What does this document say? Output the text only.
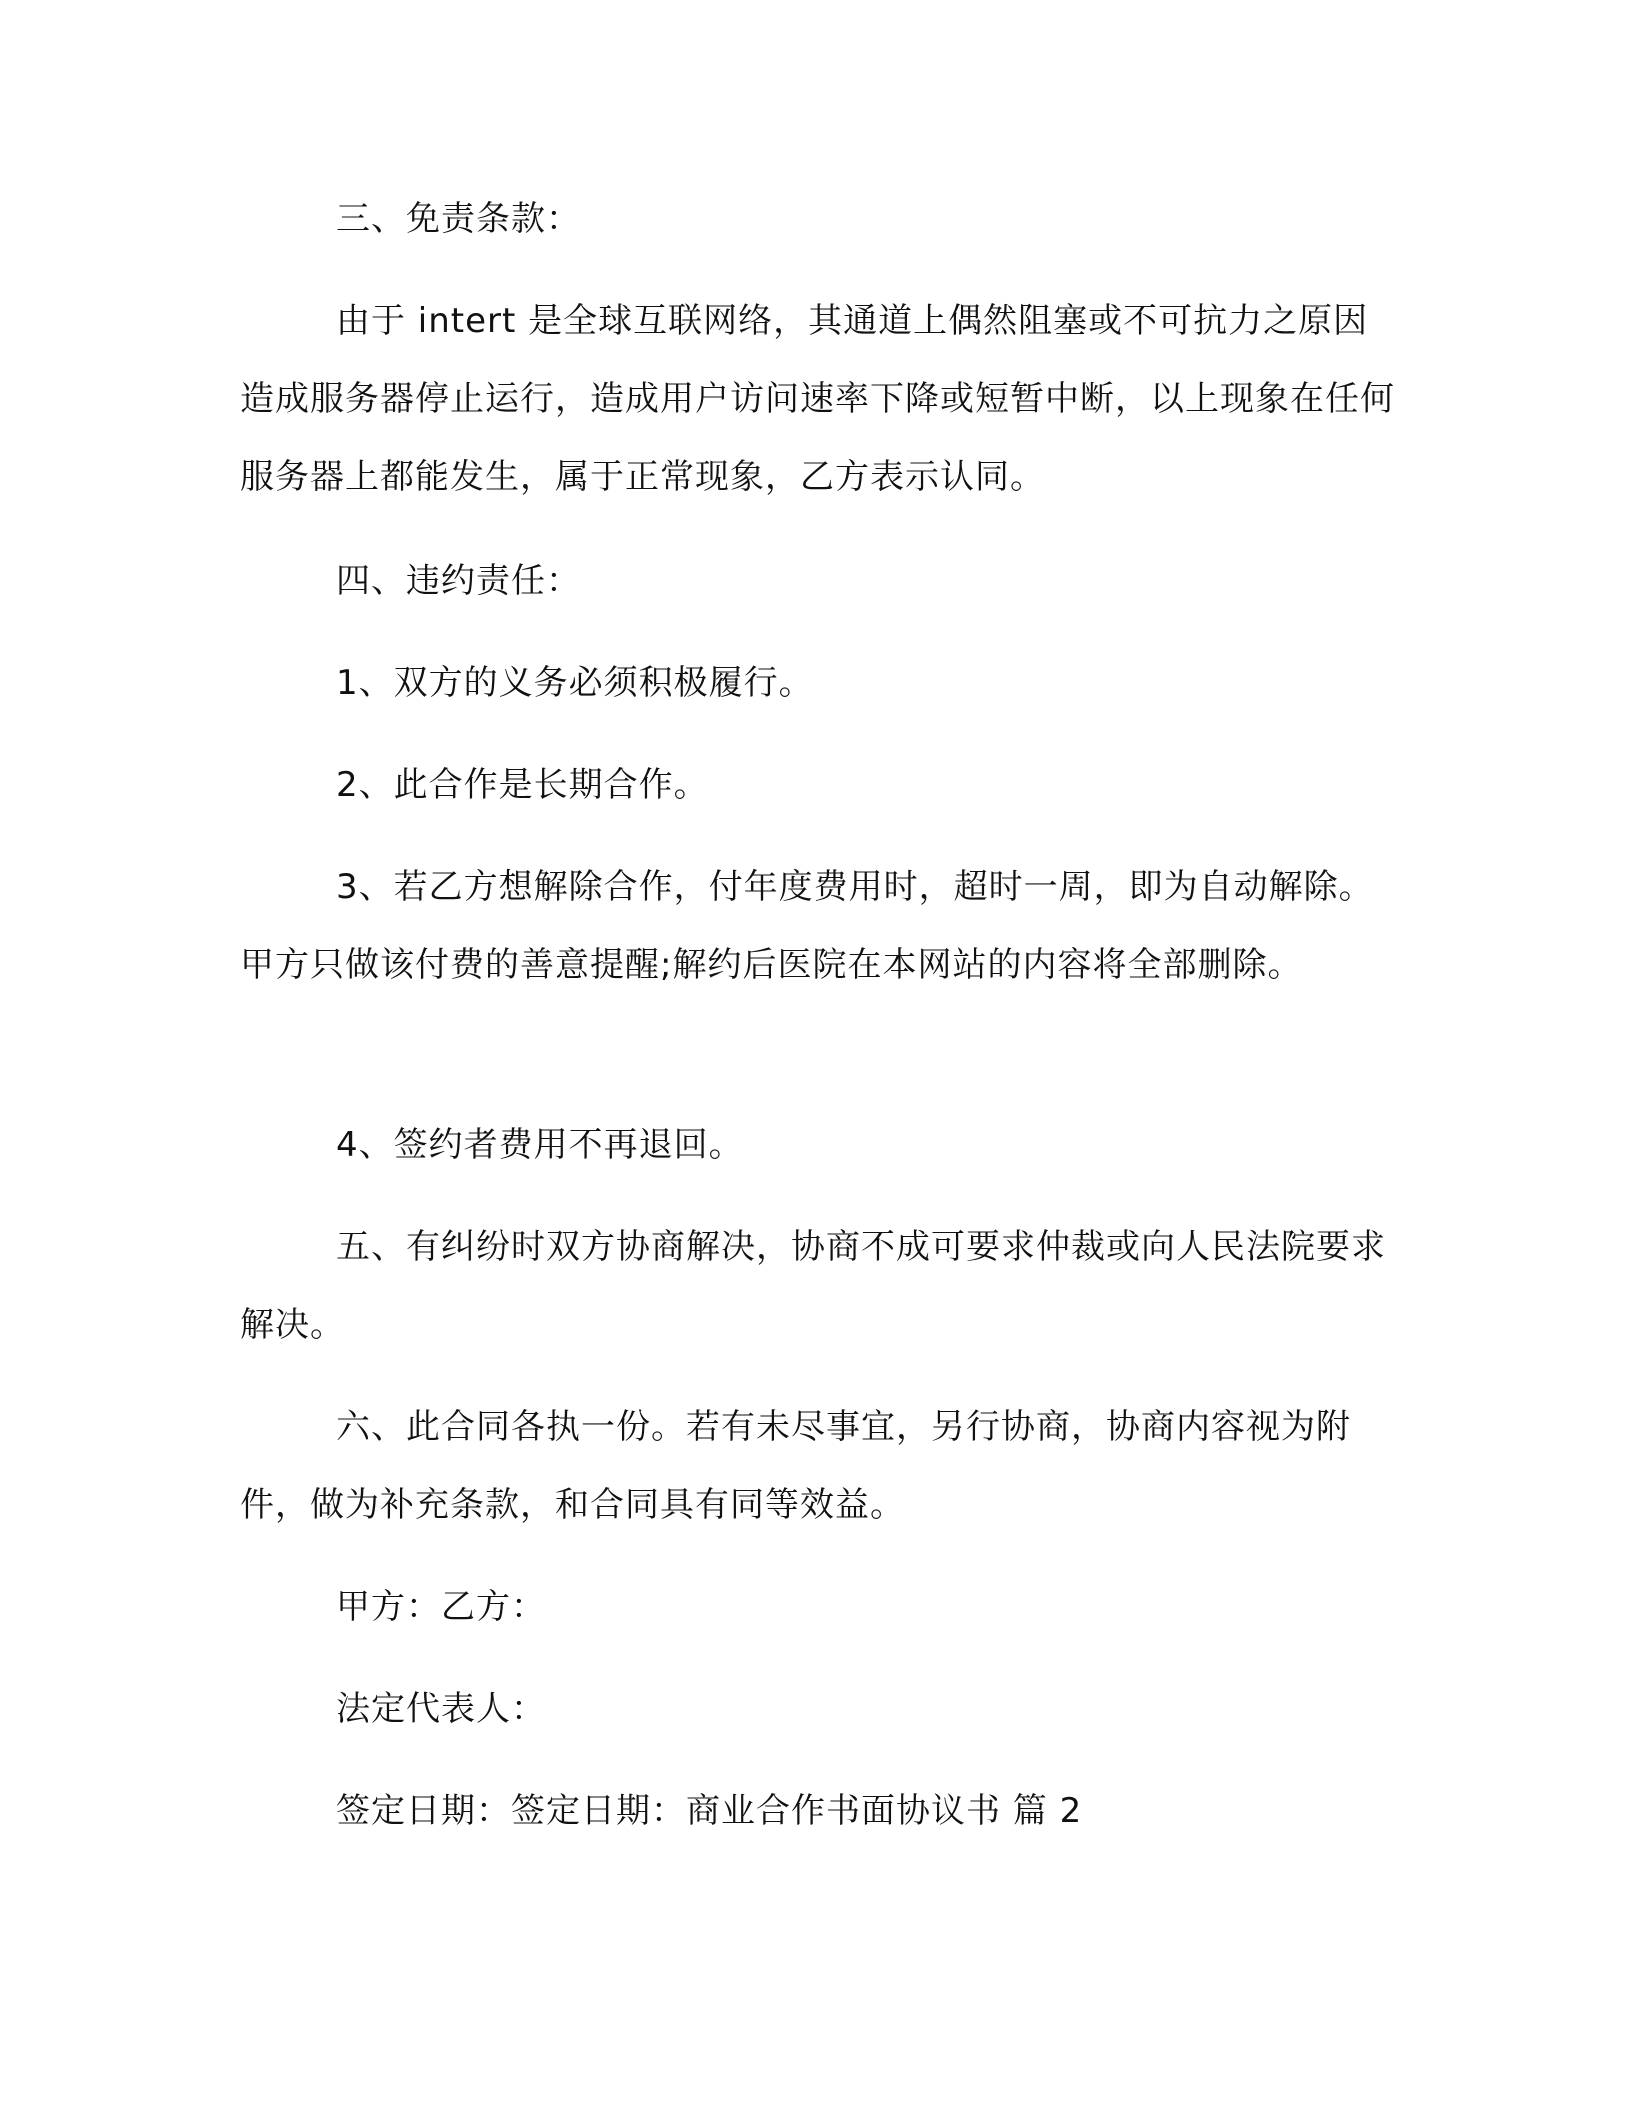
三、免责条款：

由于 intert 是全球互联网络，其通道上偶然阻塞或不可抗力之原因造成服务器停止运行，造成用户访问速率下降或短暂中断，以上现象在任何服务器上都能发生，属于正常现象，乙方表示认同。

四、违约责任：

1、双方的义务必须积极履行。

2、此合作是长期合作。

3、若乙方想解除合作，付年度费用时，超时一周，即为自动解除。甲方只做该付费的善意提醒;解约后医院在本网站的内容将全部删除。

4、签约者费用不再退回。

五、有纠纷时双方协商解决，协商不成可要求仲裁或向人民法院要求解决。

六、此合同各执一份。若有未尽事宜，另行协商，协商内容视为附件，做为补充条款，和合同具有同等效益。

甲方：乙方：

法定代表人：

签定日期：签定日期：商业合作书面协议书 篇 2
